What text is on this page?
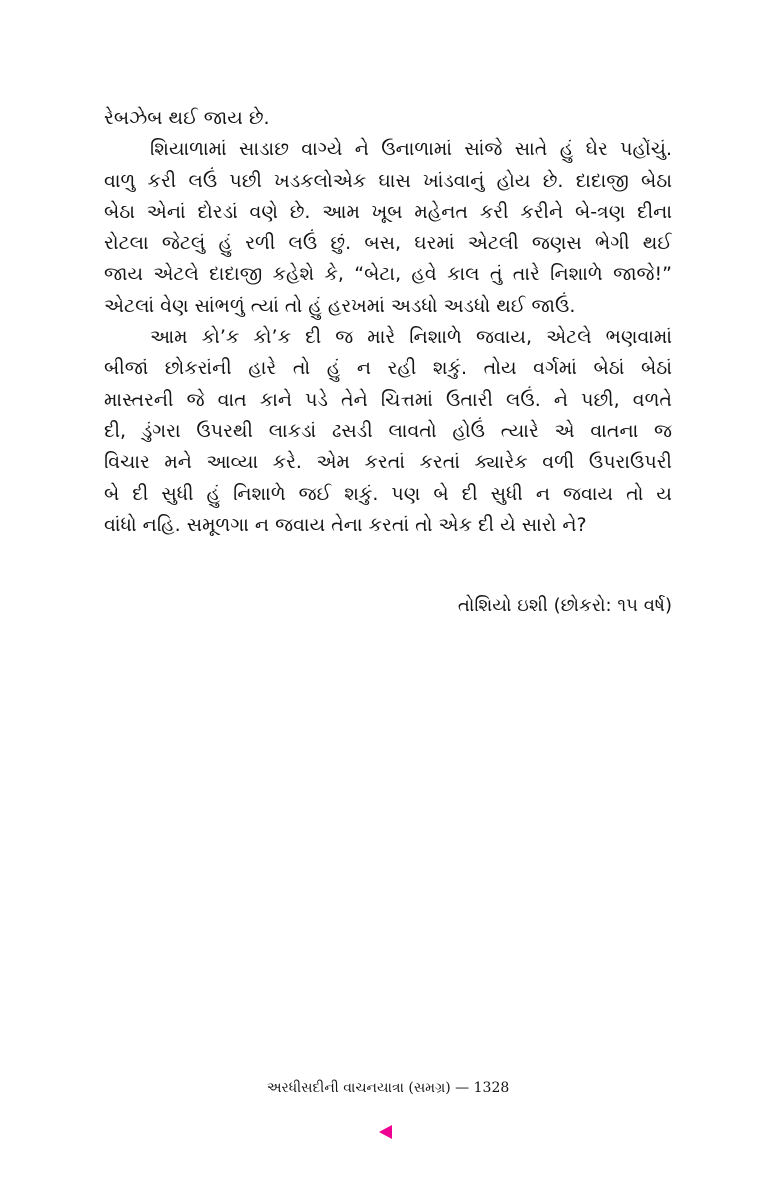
રેબઝેબ થઈ જાય છે.
શિયાળામાં સાડાછ વાગ્યે ને ઉનાળામાં સાંજે સાતે હું ઘેર પહોંચું.
વાળુ કરી લઉં પછી ખડકલોએક ઘાસ ખાંડવાનું હોય છે. દાદાજી બેઠા
બેઠા એનાં દોરડાં વણે છે. આમ ખૂબ મહેનત કરી કરીને બે-ત્રણ દીના
રોટલા જેટલું હું રળી લઉં છું. બસ, ઘરમાં એટલી જણસ ભેગી થઈ
જાય એટલે દાદાજી કહેશે કે, “બેટા, હવે કાલ તું તારે નિશાળે જાજે!”
એટલાં વેણ સાંભળું ત્યાં તો હું હરખમાં અડધો અડધો થઈ જાઉં.
આમ કો’ક કો’ક દી જ મારે નિશાળે જવાય, એટલે ભણવામાં
બીજાં છોકરાંની હારે તો હું ન રહી શકું. તોય વર્ગમાં બેઠાં બેઠાં
માસ્તરની જે વાત કાને પડે તેને ચિત્તમાં ઉતારી લઉં. ને પછી, વળતે
દી, ડુંગરા ઉપરથી લાકડાં ઢસડી લાવતો હોઉં ત્યારે એ વાતના જ
વિચાર મને આવ્યા કરે. એમ કરતાં કરતાં ક્યારેક વળી ઉપરાઉપરી
બે દી સુધી હું નિશાળે જઈ શકું. પણ બે દી સુધી ન જવાય તો ય
વાંધો નહિ. સમૂળગા ન જવાય તેના કરતાં તો એક દી યે સારો ને?
તોશિયો ઇશી (છોકરો: ૧૫ વર્ષ)
અરધીસદીની વાચનયાત્રા (સમગ્ર) — 1328
